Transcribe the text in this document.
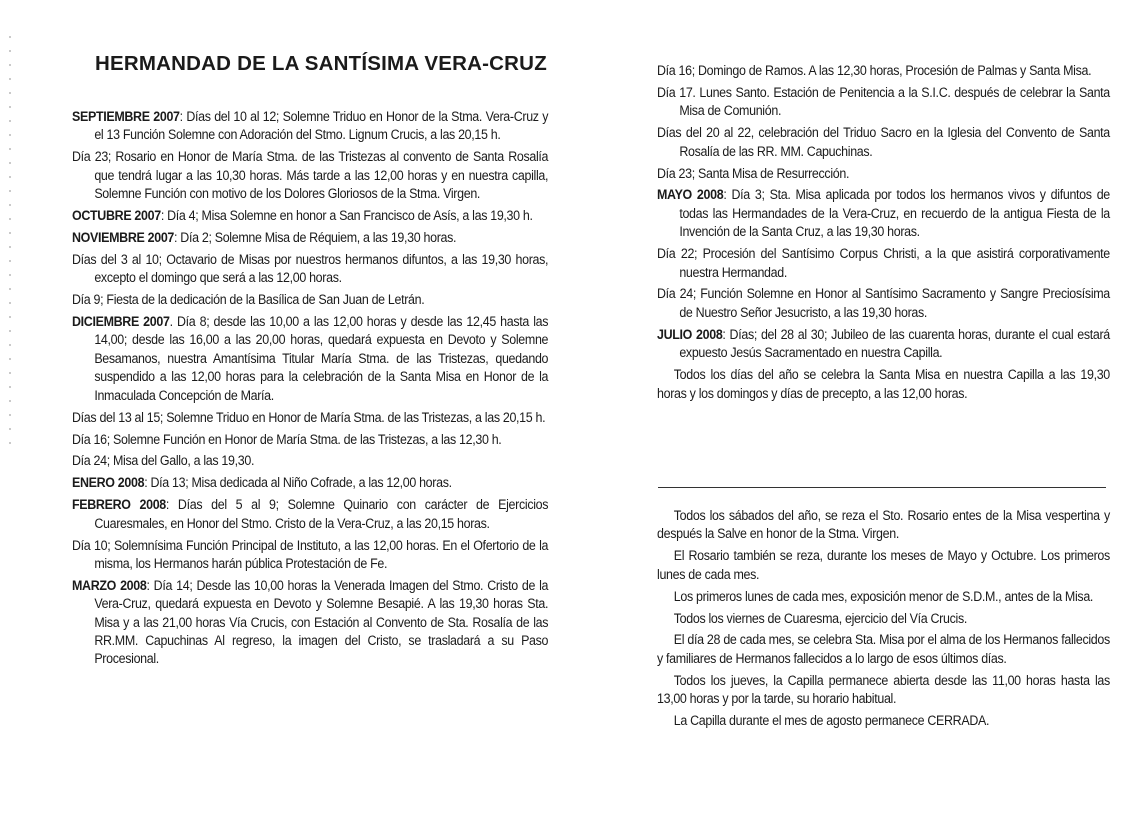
HERMANDAD DE LA SANTÍSIMA VERA-CRUZ

SEPTIEMBRE 2007: Días del 10 al 12; Solemne Triduo en Honor de la Stma. Vera-Cruz y el 13 Función Solemne con Adoración del Stmo. Lignum Crucis, a las 20,15 h.

Día 23; Rosario en Honor de María Stma. de las Tristezas al convento de Santa Rosalía que tendrá lugar a las 10,30 horas. Más tarde a las 12,00 horas y en nuestra capilla, Solemne Función con motivo de los Dolores Gloriosos de la Stma. Virgen.

OCTUBRE 2007: Día 4; Misa Solemne en honor a San Francisco de Asís, a las 19,30 h.

NOVIEMBRE 2007: Día 2; Solemne Misa de Réquiem, a las 19,30 horas.

Días del 3 al 10; Octavario de Misas por nuestros hermanos difuntos, a las 19,30 horas, excepto el domingo que será a las 12,00 horas.

Día 9; Fiesta de la dedicación de la Basílica de San Juan de Letrán.

DICIEMBRE 2007. Día 8; desde las 10,00 a las 12,00 horas y desde las 12,45 hasta las 14,00; desde las 16,00 a las 20,00 horas, quedará expuesta en Devoto y Solemne Besamanos, nuestra Amantísima Titular María Stma. de las Tristezas, quedando suspendido a las 12,00 horas para la celebración de la Santa Misa en Honor de la Inmaculada Concepción de María.

Días del 13 al 15; Solemne Triduo en Honor de María Stma. de las Tristezas, a las 20,15 h.

Día 16; Solemne Función en Honor de María Stma. de las Tristezas, a las 12,30 h.

Día 24; Misa del Gallo, a las 19,30.

ENERO 2008: Día 13; Misa dedicada al Niño Cofrade, a las 12,00 horas.

FEBRERO 2008: Días del 5 al 9; Solemne Quinario con carácter de Ejercicios Cuaresmales, en Honor del Stmo. Cristo de la Vera-Cruz, a las 20,15 horas.

Día 10; Solemnísima Función Principal de Instituto, a las 12,00 horas. En el Ofertorio de la misma, los Hermanos harán pública Protestación de Fe.

MARZO 2008: Día 14; Desde las 10,00 horas la Venerada Imagen del Stmo. Cristo de la Vera-Cruz, quedará expuesta en Devoto y Solemne Besapié. A las 19,30 horas Sta. Misa y a las 21,00 horas Vía Crucis, con Estación al Convento de Sta. Rosalía de las RR.MM. Capuchinas Al regreso, la imagen del Cristo, se trasladará a su Paso Procesional.

Día 16; Domingo de Ramos. A las 12,30 horas, Procesión de Palmas y Santa Misa.

Día 17. Lunes Santo. Estación de Penitencia a la S.I.C. después de celebrar la Santa Misa de Comunión.

Días del 20 al 22, celebración del Triduo Sacro en la Iglesia del Convento de Santa Rosalía de las RR. MM. Capuchinas.

Día 23; Santa Misa de Resurrección.

MAYO 2008: Día 3; Sta. Misa aplicada por todos los hermanos vivos y difuntos de todas las Hermandades de la Vera-Cruz, en recuerdo de la antigua Fiesta de la Invención de la Santa Cruz, a las 19,30 horas.

Día 22; Procesión del Santísimo Corpus Christi, a la que asistirá corporativamente nuestra Hermandad.

Día 24; Función Solemne en Honor al Santísimo Sacramento y Sangre Preciosísima de Nuestro Señor Jesucristo, a las 19,30 horas.

JULIO 2008: Días; del 28 al 30; Jubileo de las cuarenta horas, durante el cual estará expuesto Jesús Sacramentado en nuestra Capilla.

Todos los días del año se celebra la Santa Misa en nuestra Capilla a las 19,30 horas y los domingos y días de precepto, a las 12,00 horas.

Todos los sábados del año, se reza el Sto. Rosario entes de la Misa vespertina y después la Salve en honor de la Stma. Virgen.

El Rosario también se reza, durante los meses de Mayo y Octubre. Los primeros lunes de cada mes.

Los primeros lunes de cada mes, exposición menor de S.D.M., antes de la Misa.

Todos los viernes de Cuaresma, ejercicio del Vía Crucis.

El día 28 de cada mes, se celebra Sta. Misa por el alma de los Hermanos fallecidos y familiares de Hermanos fallecidos a lo largo de esos últimos días.

Todos los jueves, la Capilla permanece abierta desde las 11,00 horas hasta las 13,00 horas y por la tarde, su horario habitual.

La Capilla durante el mes de agosto permanece CERRADA.
